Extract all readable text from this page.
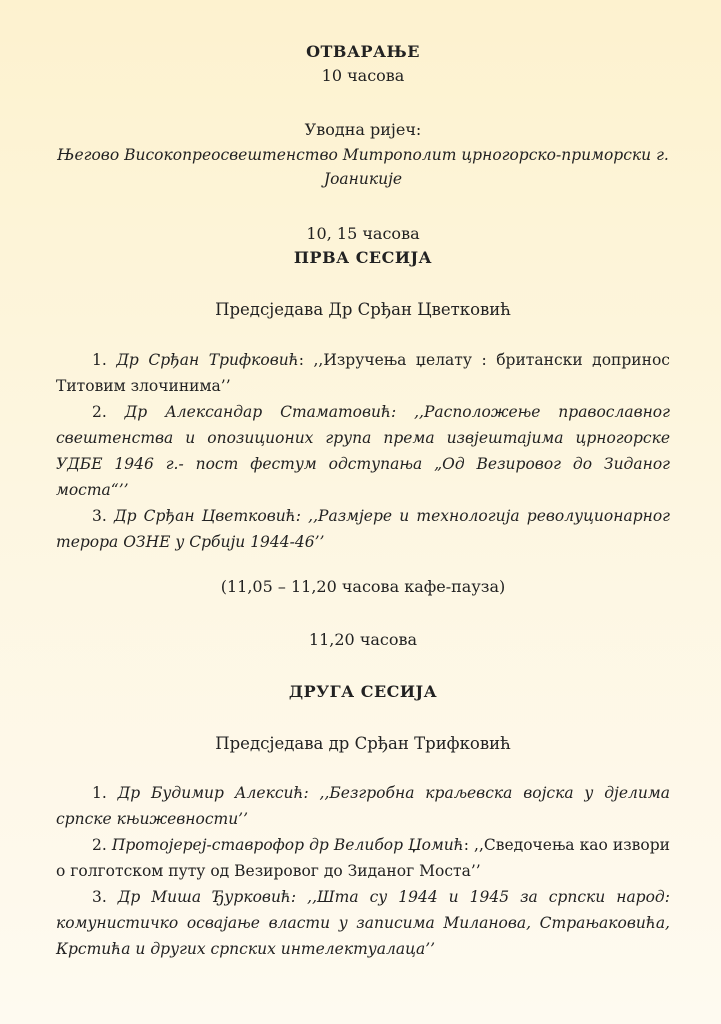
ОТВАРАЊЕ
10 часова
Уводна ријеч:
Његово Високопреосвештенство Митрополит црногорско-приморски г.
Јоаникије
10, 15 часова
ПРВА СЕСИЈА
Предсједава Др Срђан Цветковић
1. Др Срђан Трифковић: ,,Изручења џелату : британски допринос Титовим злочинима’’
2. Др Александар Стаматовић: ,,Расположење православног свештенства и опозиционих група према извјештајима црногорске УДБЕ 1946 г.- пост фестум одступања „Од Везировог до Зиданог моста“’’
3. Др Срђан Цветковић: ,,Размјере и технологија револуционарног терора ОЗНЕ у Србији 1944-46’’
(11,05 – 11,20 часова кафе-пауза)
11,20 часова
ДРУГА СЕСИЈА
Предсједава др Срђан Трифковић
1. Др Будимир Алексић: ,,Безгробна краљевска војска у дјелима српске књижевности’’
2. Протојереј-ставрофор др Велибор Џомић: ,,Сведочења као извори о голготском путу од Везировог до Зиданог Моста’’
3. Др Миша Ђурковић: ,,Шта су 1944 и 1945 за српски народ: комунистичко освајање власти у записима Миланова, Страњаковића, Крстића и других српских интелектуалаца’’
